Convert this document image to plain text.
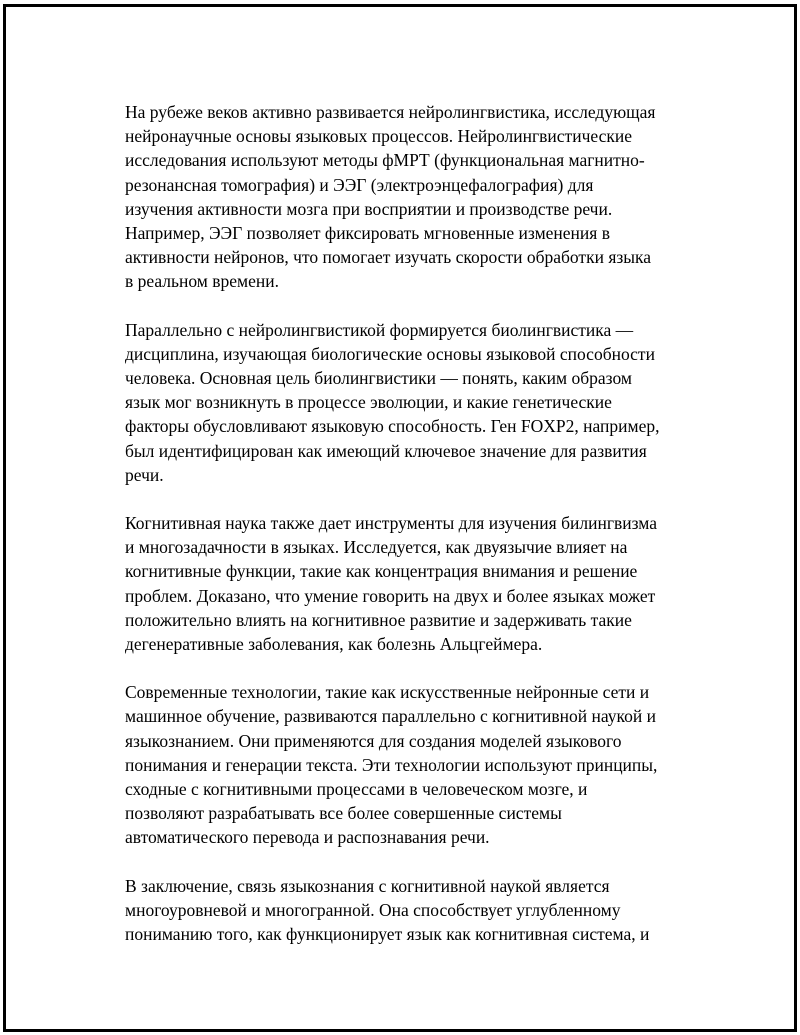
На рубеже веков активно развивается нейролингвистика, исследующая
нейронаучные основы языковых процессов. Нейролингвистические
исследования используют методы фМРТ (функциональная магнитно-
резонансная томография) и ЭЭГ (электроэнцефалография) для
изучения активности мозга при восприятии и производстве речи.
Например, ЭЭГ позволяет фиксировать мгновенные изменения в
активности нейронов, что помогает изучать скорости обработки языка
в реальном времени.

Параллельно с нейролингвистикой формируется биолингвистика —
дисциплина, изучающая биологические основы языковой способности
человека. Основная цель биолингвистики — понять, каким образом
язык мог возникнуть в процессе эволюции, и какие генетические
факторы обусловливают языковую способность. Ген FOXP2, например,
был идентифицирован как имеющий ключевое значение для развития
речи.

Когнитивная наука также дает инструменты для изучения билингвизма
и многозадачности в языках. Исследуется, как двуязычие влияет на
когнитивные функции, такие как концентрация внимания и решение
проблем. Доказано, что умение говорить на двух и более языках может
положительно влиять на когнитивное развитие и задерживать такие
дегенеративные заболевания, как болезнь Альцгеймера.

Современные технологии, такие как искусственные нейронные сети и
машинное обучение, развиваются параллельно с когнитивной наукой и
языкознанием. Они применяются для создания моделей языкового
понимания и генерации текста. Эти технологии используют принципы,
сходные с когнитивными процессами в человеческом мозге, и
позволяют разрабатывать все более совершенные системы
автоматического перевода и распознавания речи.

В заключение, связь языкознания с когнитивной наукой является
многоуровневой и многогранной. Она способствует углубленному
пониманию того, как функционирует язык как когнитивная система, и
